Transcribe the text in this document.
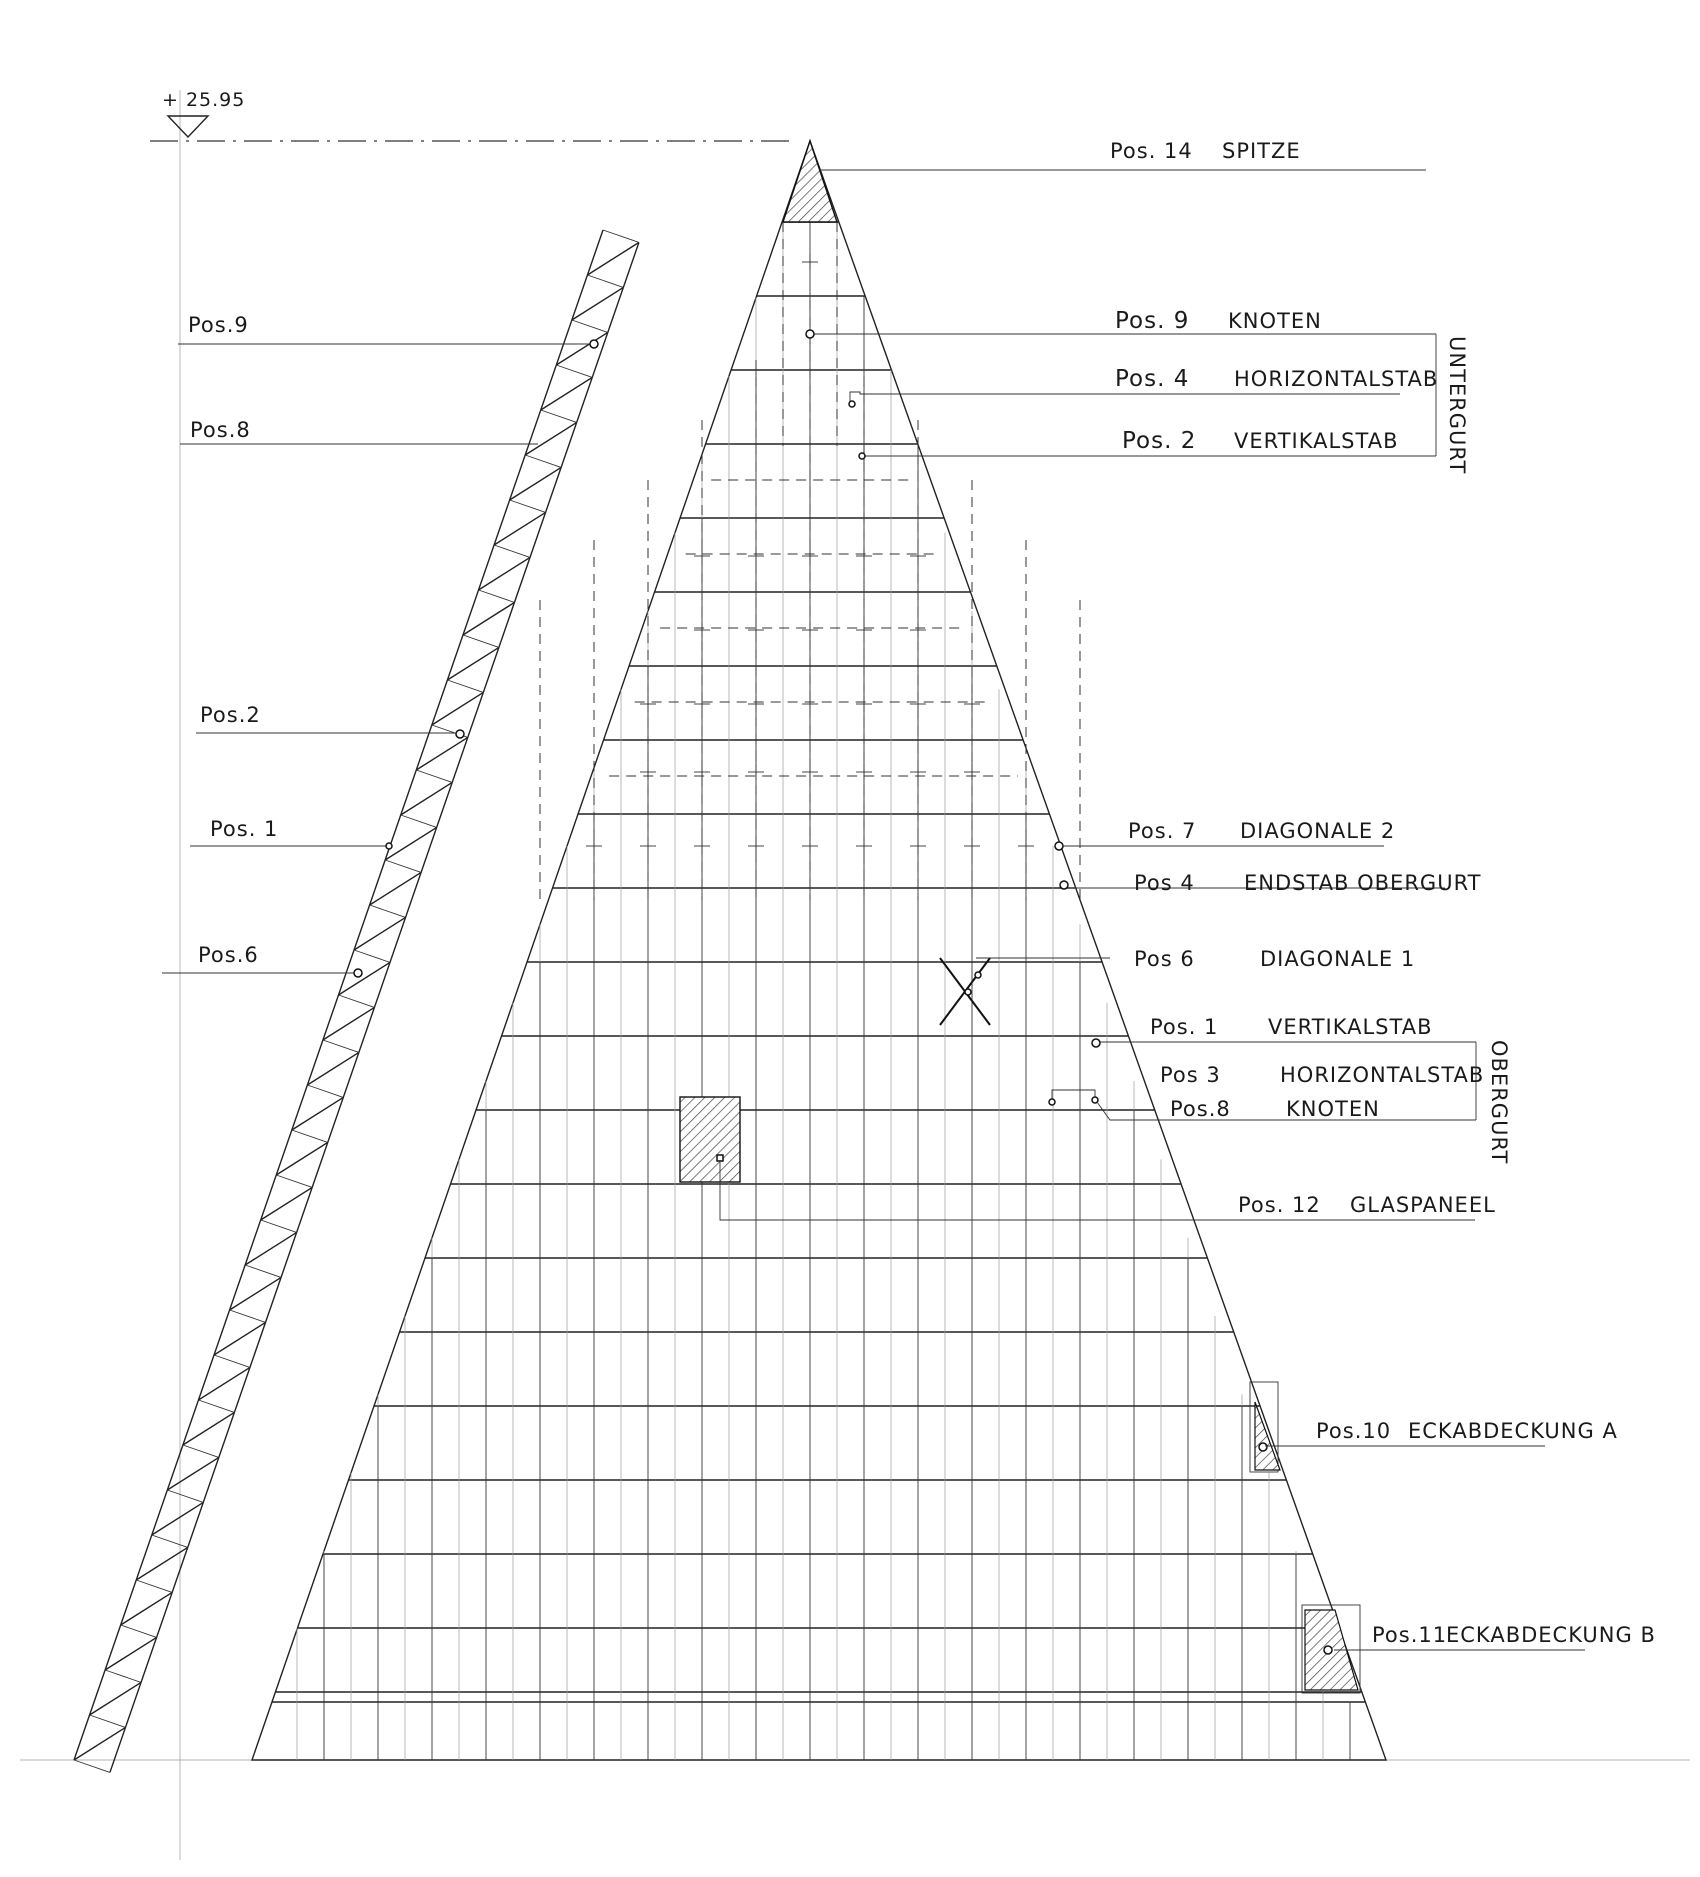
+ 25.95
Pos.9
Pos.8
Pos.2
Pos. 1
Pos.6
Pos. 14 SPITZE
Pos. 9 KNOTEN
Pos. 4 HORIZONTALSTAB
Pos. 2 VERTIKALSTAB UNTERGURT
Pos. 7 DIAGONALE 2
Pos 4 ENDSTAB OBERGURT
Pos 6	DIAGONALE 1
Pos. 1 VERTIKALSTAB
Pos 3	HORIZONTALSTAB
Pos.8	KNOTEN	OBERGURT
Pos. 12 GLASPANEEL
Pos.10 ECKABDECKUNG A
Pos.11
ECKABDECKUNG B
